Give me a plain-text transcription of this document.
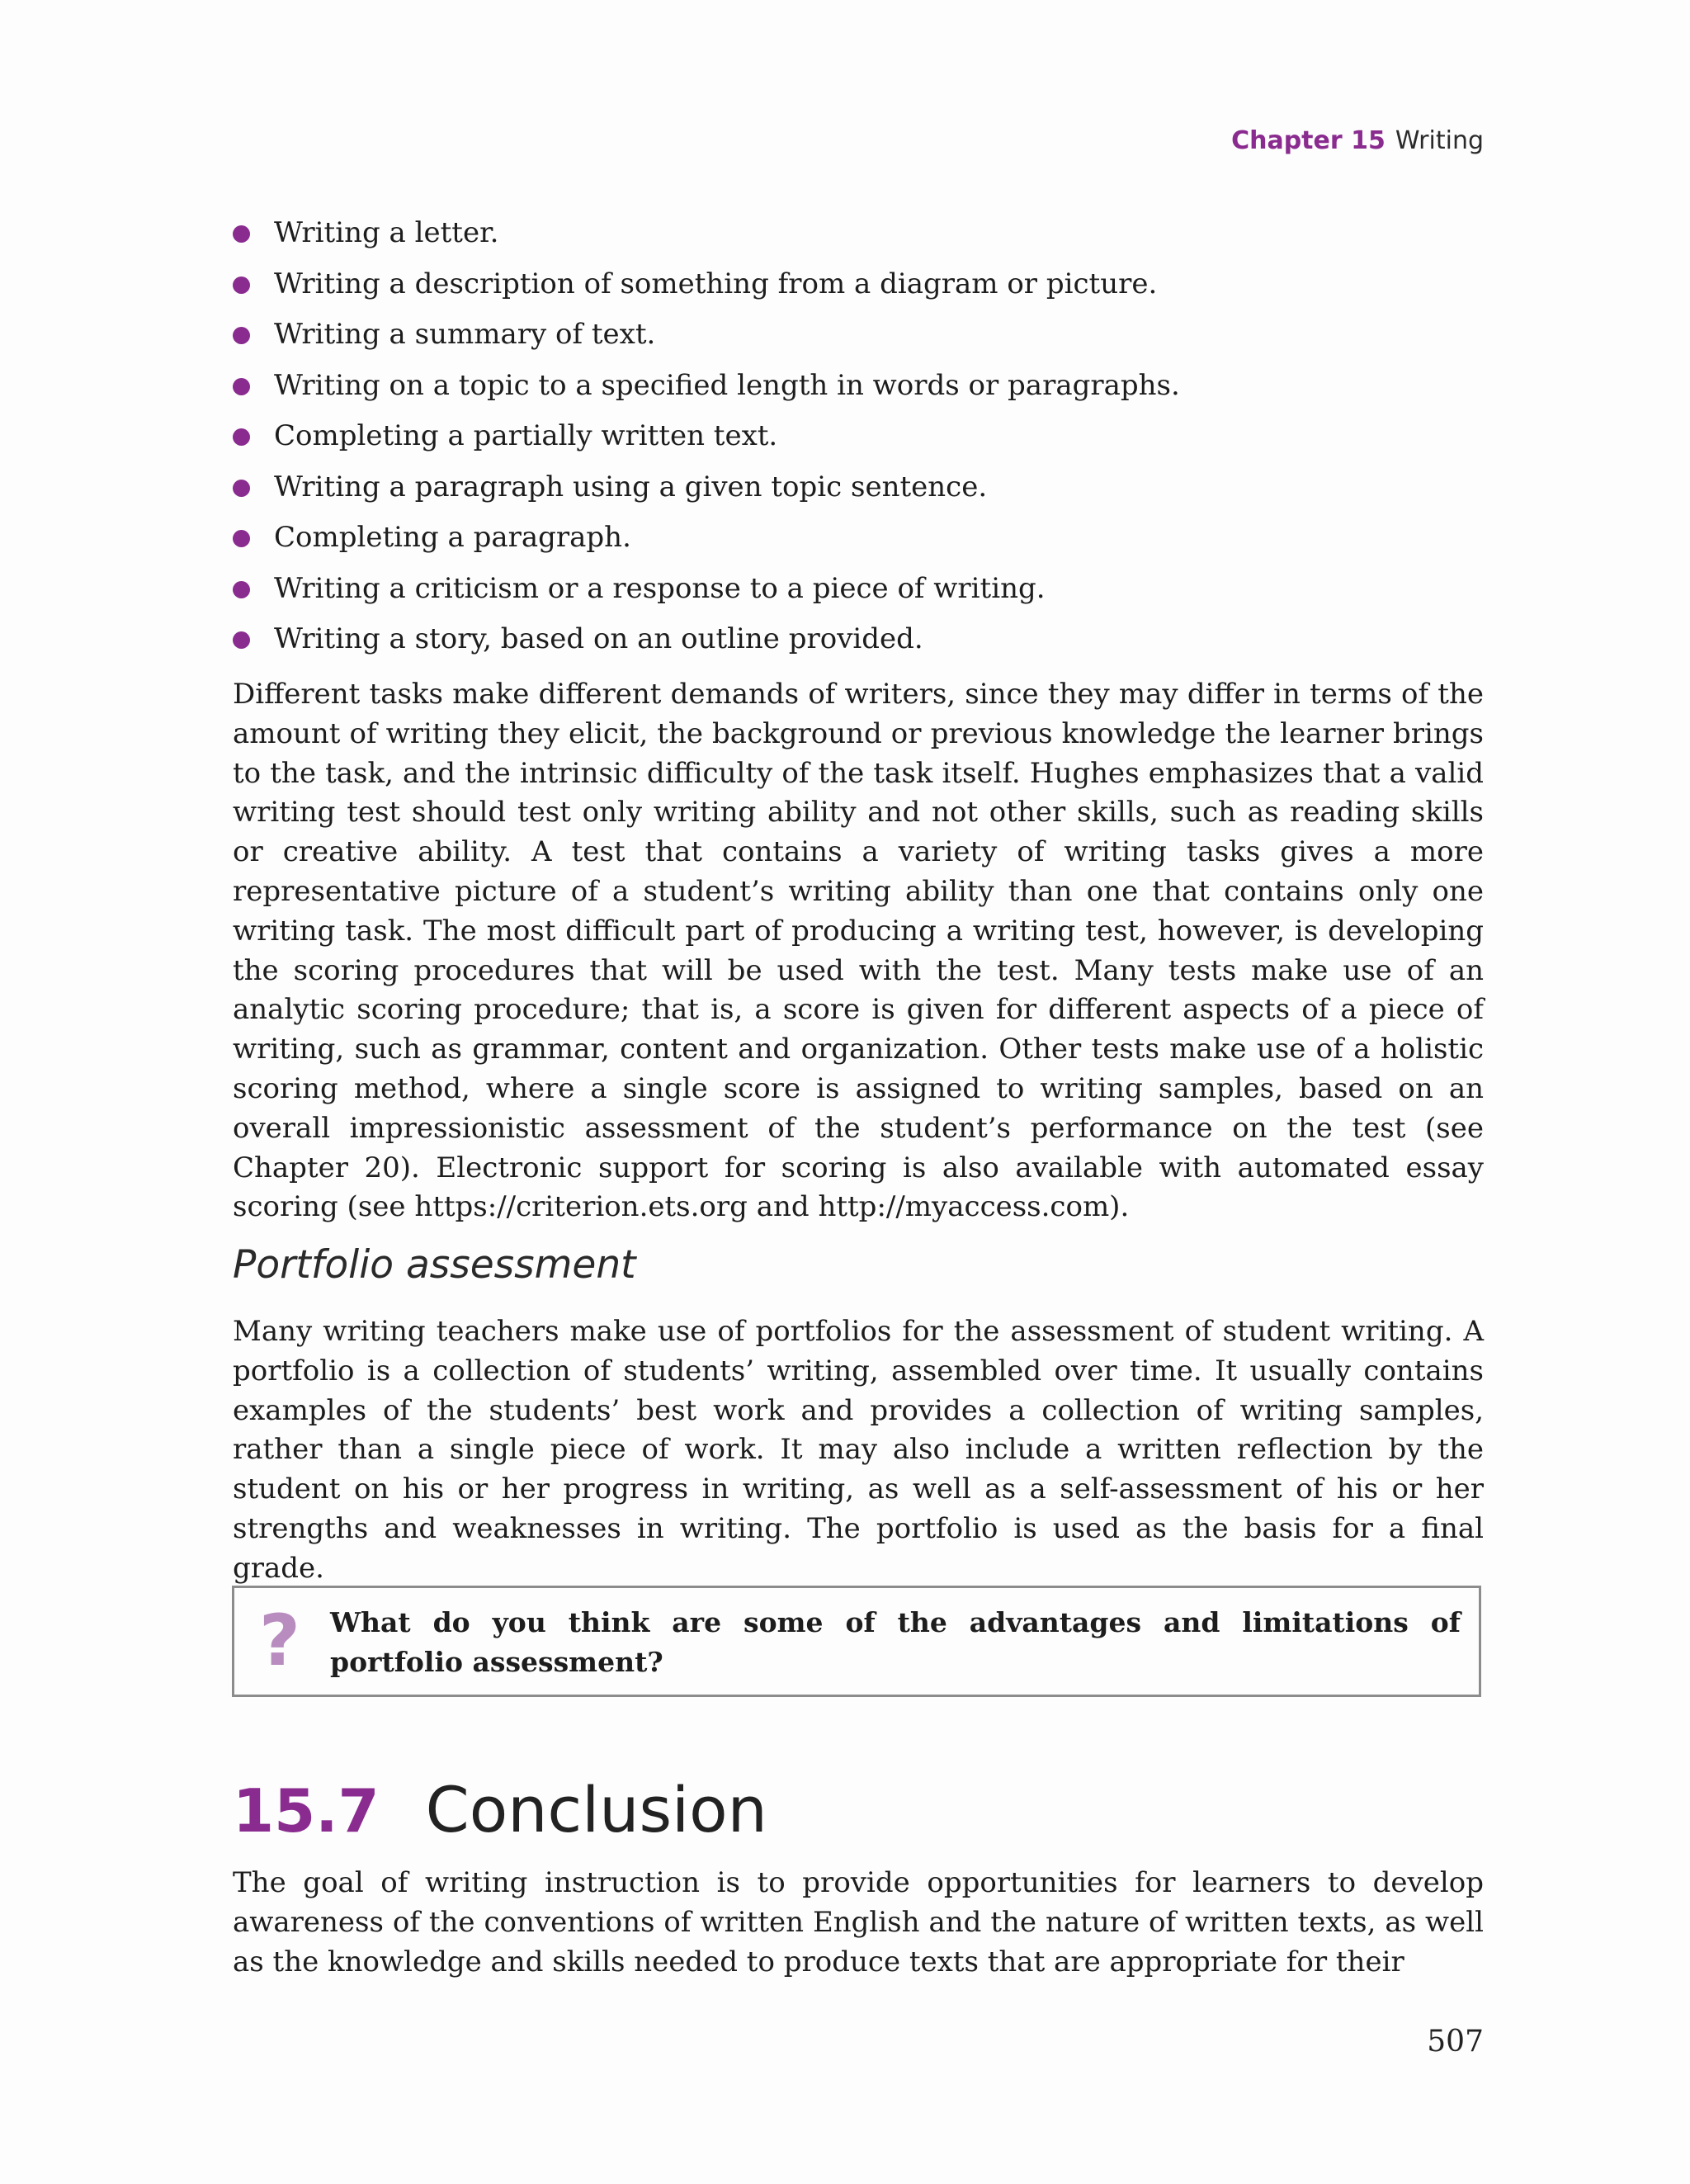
Chapter 15 Writing
Writing a letter.
Writing a description of something from a diagram or picture.
Writing a summary of text.
Writing on a topic to a specified length in words or paragraphs.
Completing a partially written text.
Writing a paragraph using a given topic sentence.
Completing a paragraph.
Writing a criticism or a response to a piece of writing.
Writing a story, based on an outline provided.

Different tasks make different demands of writers, since they may differ in terms of the amount of writing they elicit, the background or previous knowledge the learner brings to the task, and the intrinsic difficulty of the task itself. Hughes emphasizes that a valid writing test should test only writing ability and not other skills, such as reading skills or creative ability. A test that contains a variety of writing tasks gives a more representative picture of a student’s writing ability than one that contains only one writing task. The most difficult part of producing a writing test, however, is developing the scoring procedures that will be used with the test. Many tests make use of an analytic scoring procedure; that is, a score is given for different aspects of a piece of writing, such as grammar, content and organization. Other tests make use of a holistic scoring method, where a single score is assigned to writing samples, based on an overall impressionistic assessment of the student’s performance on the test (see Chapter 20). Electronic support for scoring is also available with automated essay scoring (see https://criterion.ets.org and http://myaccess.com).

Portfolio assessment

Many writing teachers make use of portfolios for the assessment of student writing. A portfolio is a collection of students’ writing, assembled over time. It usually contains examples of the students’ best work and provides a collection of writing samples, rather than a single piece of work. It may also include a written reflection by the student on his or her progress in writing, as well as a self-assessment of his or her strengths and weaknesses in writing. The portfolio is used as the basis for a final grade.

? What do you think are some of the advantages and limitations of portfolio assessment?

15.7 Conclusion

The goal of writing instruction is to provide opportunities for learners to develop awareness of the conventions of written English and the nature of written texts, as well as the knowledge and skills needed to produce texts that are appropriate for their

507
